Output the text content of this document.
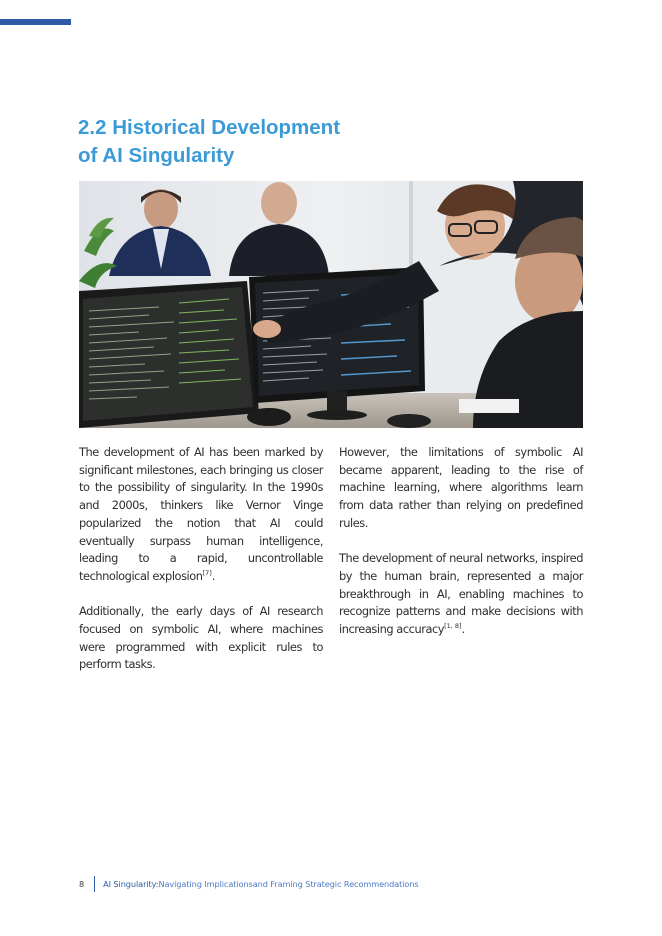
2.2 Historical Development
of AI Singularity

The development of AI has been marked by significant milestones, each bringing us closer to the possibility of singularity. In the 1990s and 2000s, thinkers like Vernor Vinge popularized the notion that AI could eventually surpass human intelligence, leading to a rapid, uncontrollable technological explosion[7].

Additionally, the early days of AI research focused on symbolic AI, where machines were programmed with explicit rules to perform tasks.

However, the limitations of symbolic AI became apparent, leading to the rise of machine learning, where algorithms learn from data rather than relying on predefined rules.

The development of neural networks, inspired by the human brain, represented a major breakthrough in AI, enabling machines to recognize patterns and make decisions with increasing accuracy[1, 8].

8 AI Singularity: Navigating Implicationsand Framing Strategic Recommendations
